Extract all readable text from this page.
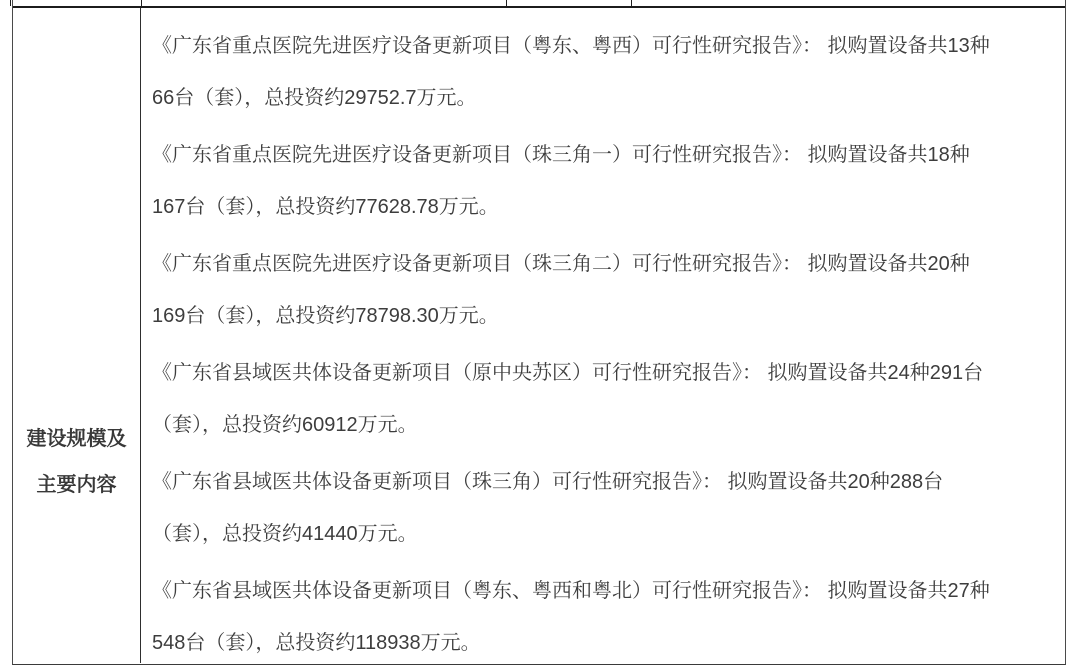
建设规模及
主要内容

《广东省重点医院先进医疗设备更新项目（粤东、粤西）可行性研究报告》： 拟购置设备共13种
66台（套），总投资约29752.7万元。

《广东省重点医院先进医疗设备更新项目（珠三角一）可行性研究报告》： 拟购置设备共18种
167台（套），总投资约77628.78万元。

《广东省重点医院先进医疗设备更新项目（珠三角二）可行性研究报告》： 拟购置设备共20种
169台（套），总投资约78798.30万元。

《广东省县域医共体设备更新项目（原中央苏区）可行性研究报告》： 拟购置设备共24种291台
（套），总投资约60912万元。

《广东省县域医共体设备更新项目（珠三角）可行性研究报告》： 拟购置设备共20种288台
（套），总投资约41440万元。

《广东省县域医共体设备更新项目（粤东、粤西和粤北）可行性研究报告》： 拟购置设备共27种
548台（套），总投资约118938万元。
